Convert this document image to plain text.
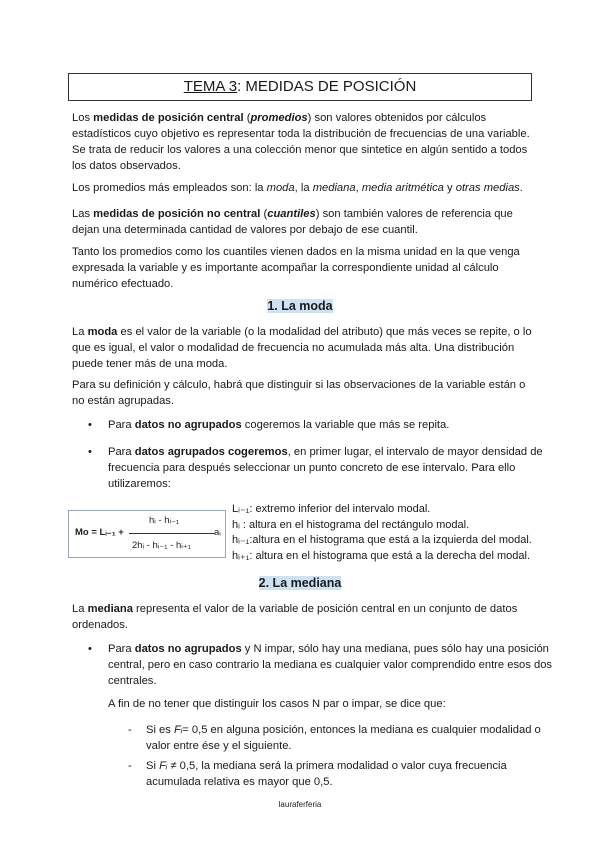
TEMA 3: MEDIDAS DE POSICIÓN

Los medidas de posición central (promedios) son valores obtenidos por cálculos estadísticos cuyo objetivo es representar toda la distribución de frecuencias de una variable. Se trata de reducir los valores a una colección menor que sintetice en algún sentido a todos los datos observados.

Los promedios más empleados son: la moda, la mediana, media aritmética y otras medias.

Las medidas de posición no central (cuantiles) son también valores de referencia que dejan una determinada cantidad de valores por debajo de ese cuantil.

Tanto los promedios como los cuantiles vienen dados en la misma unidad en la que venga expresada la variable y es importante acompañar la correspondiente unidad al cálculo numérico efectuado.

1. La moda

La moda es el valor de la variable (o la modalidad del atributo) que más veces se repite, o lo que es igual, el valor o modalidad de frecuencia no acumulada más alta. Una distribución puede tener más de una moda.

Para su definición y cálculo, habrá que distinguir si las observaciones de la variable están o no están agrupadas.

• Para datos no agrupados cogeremos la variable que más se repita.
• Para datos agrupados cogeremos, en primer lugar, el intervalo de mayor densidad de frecuencia para después seleccionar un punto concreto de ese intervalo. Para ello utilizaremos:
Mo = Lᵢ₋₁ +
hᵢ - hᵢ₋₁
2hᵢ - hᵢ₋₁ - hᵢ₊₁
aᵢ
Lᵢ₋₁: extremo inferior del intervalo modal.
hᵢ : altura en el histograma del rectángulo modal.
hᵢ₋₁:altura en el histograma que está a la izquierda del modal.
hᵢ₊₁: altura en el histograma que está a la derecha del modal.
2. La mediana

La mediana representa el valor de la variable de posición central en un conjunto de datos ordenados.

• Para datos no agrupados y N impar, sólo hay una mediana, pues sólo hay una posición central, pero en caso contrario la mediana es cualquier valor comprendido entre esos dos centrales.

A fin de no tener que distinguir los casos N par o impar, se dice que:

- Si es Fᵢ= 0,5 en alguna posición, entonces la mediana es cualquier modalidad o valor entre ése y el siguiente.
- Si Fᵢ ≠ 0,5, la mediana será la primera modalidad o valor cuya frecuencia acumulada relativa es mayor que 0,5.
lauraferferia
